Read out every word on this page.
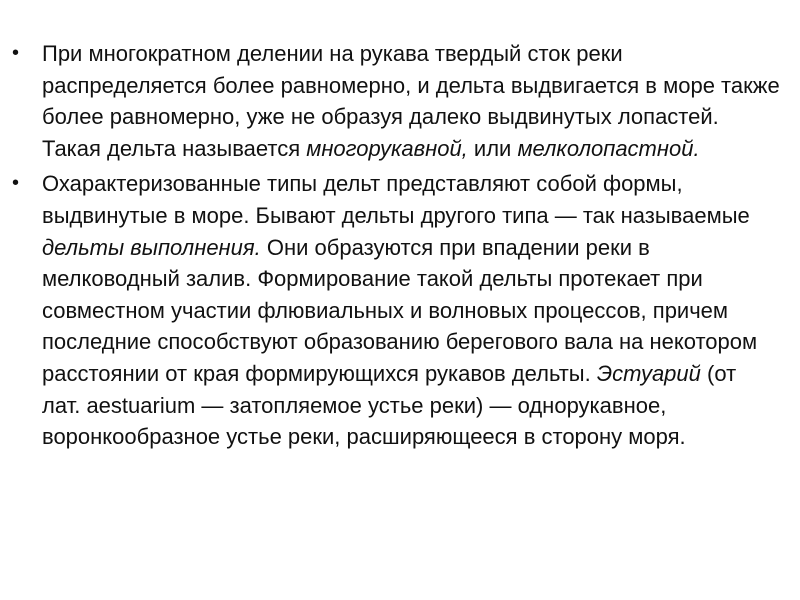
•	При многократном делении на рукава твердый сток реки распределяется более равномерно, и дельта выдвигается в море также более равномерно, уже не образуя далеко выдвинутых лопастей. Такая дельта называется многорукавной, или мелколопастной.
•	Охарактеризованные типы дельт представляют собой формы, выдвинутые в море. Бывают дельты другого типа — так называемые дельты выполнения. Они образуются при впадении реки в мелководный залив. Формирование такой дельты протекает при совместном участии флювиальных и волновых процессов, причем последние способствуют образованию берегового вала на некотором расстоянии от края формирующихся рукавов дельты. Эстуарий (от лат. aestuarium — затопляемое устье реки) — однорукавное, воронкообразное устье реки, расширяющееся в сторону моря.
